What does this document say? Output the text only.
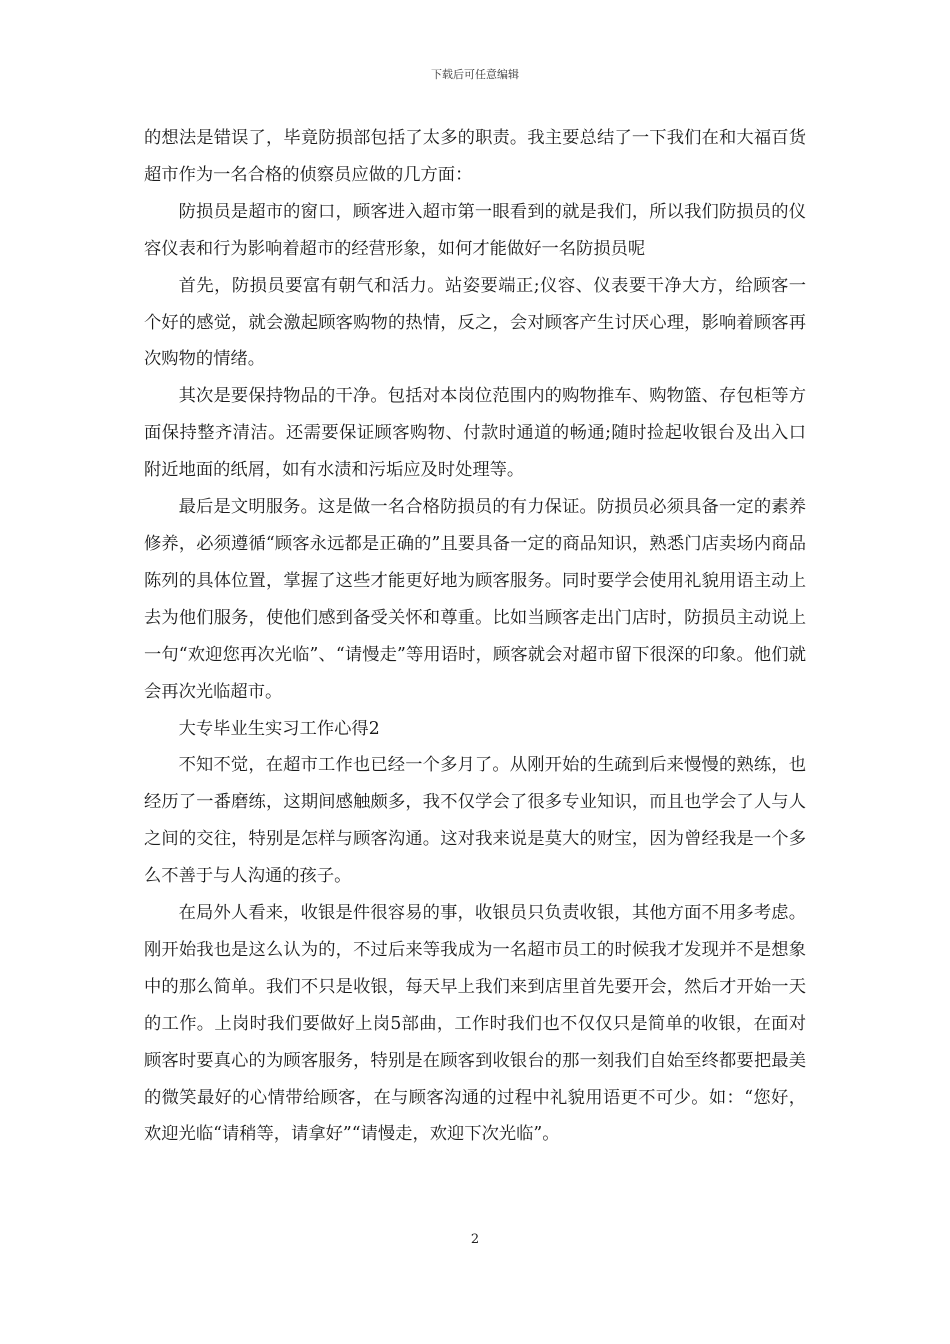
下载后可任意编辑

的想法是错误了，毕竟防损部包括了太多的职责。我主要总结了一下我们在和大福百货超市作为一名合格的侦察员应做的几方面：

防损员是超市的窗口，顾客进入超市第一眼看到的就是我们，所以我们防损员的仪容仪表和行为影响着超市的经营形象，如何才能做好一名防损员呢

首先，防损员要富有朝气和活力。站姿要端正;仪容、仪表要干净大方，给顾客一个好的感觉，就会激起顾客购物的热情，反之，会对顾客产生讨厌心理，影响着顾客再次购物的情绪。

其次是要保持物品的干净。包括对本岗位范围内的购物推车、购物篮、存包柜等方面保持整齐清洁。还需要保证顾客购物、付款时通道的畅通;随时捡起收银台及出入口附近地面的纸屑，如有水渍和污垢应及时处理等。

最后是文明服务。这是做一名合格防损员的有力保证。防损员必须具备一定的素养修养，必须遵循“顾客永远都是正确的”且要具备一定的商品知识，熟悉门店卖场内商品陈列的具体位置，掌握了这些才能更好地为顾客服务。同时要学会使用礼貌用语主动上去为他们服务，使他们感到备受关怀和尊重。比如当顾客走出门店时，防损员主动说上一句“欢迎您再次光临”、“请慢走”等用语时，顾客就会对超市留下很深的印象。他们就会再次光临超市。

大专毕业生实习工作心得2

不知不觉，在超市工作也已经一个多月了。从刚开始的生疏到后来慢慢的熟练，也经历了一番磨练，这期间感触颇多，我不仅学会了很多专业知识，而且也学会了人与人之间的交往，特别是怎样与顾客沟通。这对我来说是莫大的财宝，因为曾经我是一个多么不善于与人沟通的孩子。

在局外人看来，收银是件很容易的事，收银员只负责收银，其他方面不用多考虑。刚开始我也是这么认为的，不过后来等我成为一名超市员工的时候我才发现并不是想象中的那么简单。我们不只是收银，每天早上我们来到店里首先要开会，然后才开始一天的工作。上岗时我们要做好上岗5部曲，工作时我们也不仅仅只是简单的收银，在面对顾客时要真心的为顾客服务，特别是在顾客到收银台的那一刻我们自始至终都要把最美的微笑最好的心情带给顾客，在与顾客沟通的过程中礼貌用语更不可少。如：“您好，欢迎光临“请稍等，请拿好”“请慢走，欢迎下次光临”。

2
